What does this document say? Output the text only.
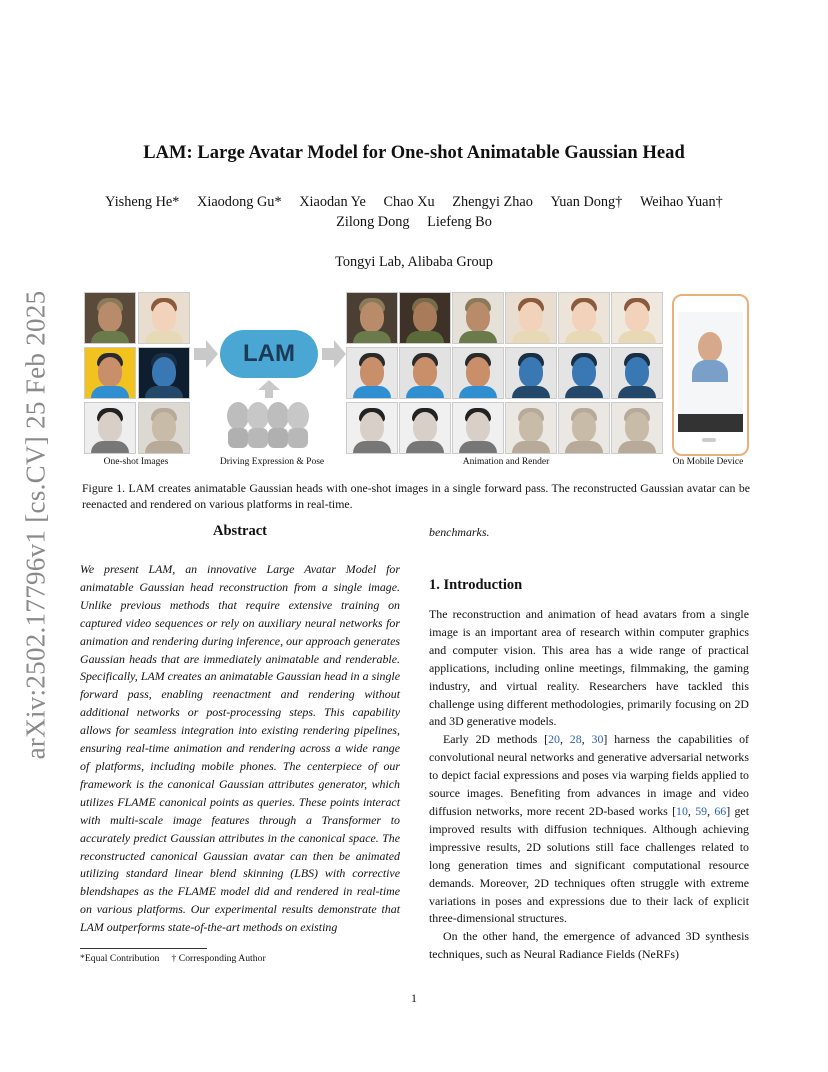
arXiv:2502.17796v1 [cs.CV] 25 Feb 2025
LAM: Large Avatar Model for One-shot Animatable Gaussian Head
Yisheng He* Xiaodong Gu* Xiaodan Ye Chao Xu Zhengyi Zhao Yuan Dong† Weihao Yuan†
Zilong Dong Liefeng Bo
Tongyi Lab, Alibaba Group
LAM
One-shot Images	Driving Expression & Pose	Animation and Render	On Mobile Device
Figure 1. LAM creates animatable Gaussian heads with one-shot images in a single forward pass. The reconstructed Gaussian avatar can be reenacted and rendered on various platforms in real-time.
Abstract
We present LAM, an innovative Large Avatar Model for animatable Gaussian head reconstruction from a single image. Unlike previous methods that require extensive training on captured video sequences or rely on auxiliary neural networks for animation and rendering during inference, our approach generates Gaussian heads that are immediately animatable and renderable. Specifically, LAM creates an animatable Gaussian head in a single forward pass, enabling reenactment and rendering without additional networks or post-processing steps. This capability allows for seamless integration into existing rendering pipelines, ensuring real-time animation and rendering across a wide range of platforms, including mobile phones. The centerpiece of our framework is the canonical Gaussian attributes generator, which utilizes FLAME canonical points as queries. These points interact with multi-scale image features through a Transformer to accurately predict Gaussian attributes in the canonical space. The reconstructed canonical Gaussian avatar can then be animated utilizing standard linear blend skinning (LBS) with corrective blendshapes as the FLAME model did and rendered in real-time on various platforms. Our experimental results demonstrate that LAM outperforms state-of-the-art methods on existing
benchmarks.
1. Introduction

The reconstruction and animation of head avatars from a single image is an important area of research within computer graphics and computer vision. This area has a wide range of practical applications, including online meetings, filmmaking, the gaming industry, and virtual reality. Researchers have tackled this challenge using different methodologies, primarily focusing on 2D and 3D generative models.

Early 2D methods [20, 28, 30] harness the capabilities of convolutional neural networks and generative adversarial networks to depict facial expressions and poses via warping fields applied to source images. Benefiting from advances in image and video diffusion networks, more recent 2D-based works [10, 59, 66] get improved results with diffusion techniques. Although achieving impressive results, 2D solutions still face challenges related to long generation times and significant computational resource demands. Moreover, 2D techniques often struggle with extreme variations in poses and expressions due to their lack of explicit three-dimensional structures.

On the other hand, the emergence of advanced 3D synthesis techniques, such as Neural Radiance Fields (NeRFs)

*Equal Contribution     † Corresponding Author
1
